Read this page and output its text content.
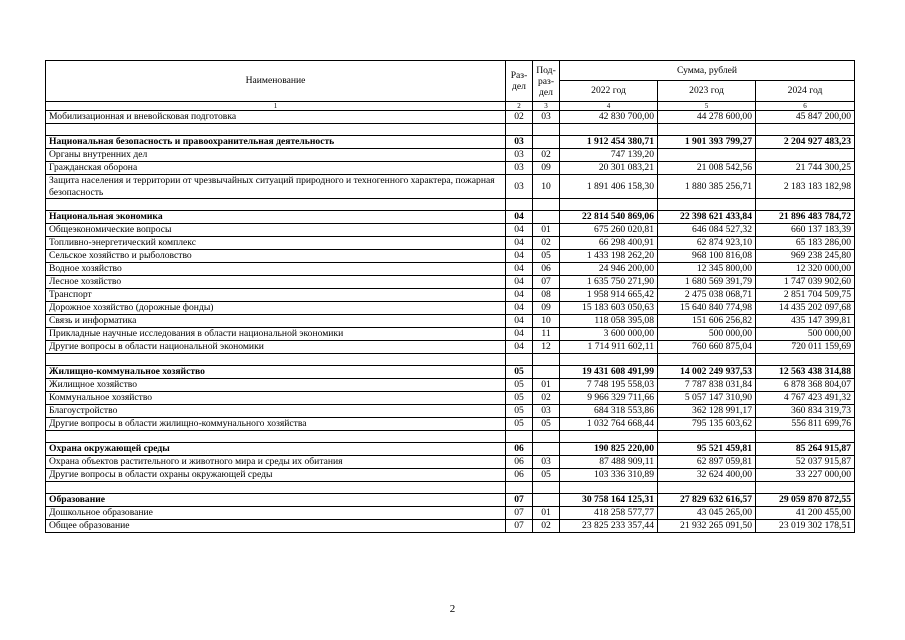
Наименование	Раз- дел	Под- раз- дел	Сумма, рублей		
			2022 год	2023 год	2024 год
1	2	3	4	5	6
Мобилизационная и вневойсковая подготовка	02	03	42 830 700,00	44 278 600,00	45 847 200,00

Национальная безопасность и правоохранительная деятельность	03		1 912 454 380,71	1 901 393 799,27	2 204 927 483,23
Органы внутренних дел	03	02	747 139,20		
Гражданская оборона	03	09	20 301 083,21	21 008 542,56	21 744 300,25
Защита населения и территории от чрезвычайных ситуаций природного и техногенного характера, пожарная безопасность	03	10	1 891 406 158,30	1 880 385 256,71	2 183 183 182,98

Национальная экономика	04		22 814 540 869,06	22 398 621 433,84	21 896 483 784,72
Общеэкономические вопросы	04	01	675 260 020,81	646 084 527,32	660 137 183,39
Топливно-энергетический комплекс	04	02	66 298 400,91	62 874 923,10	65 183 286,00
Сельское хозяйство и рыболовство	04	05	1 433 198 262,20	968 100 816,08	969 238 245,80
Водное хозяйство	04	06	24 946 200,00	12 345 800,00	12 320 000,00
Лесное хозяйство	04	07	1 635 750 271,90	1 680 569 391,79	1 747 039 902,60
Транспорт	04	08	1 958 914 665,42	2 475 038 068,71	2 851 704 509,75
Дорожное хозяйство (дорожные фонды)	04	09	15 183 603 050,63	15 640 840 774,98	14 435 202 097,68
Связь и информатика	04	10	118 058 395,08	151 606 256,82	435 147 399,81
Прикладные научные исследования в области национальной экономики	04	11	3 600 000,00	500 000,00	500 000,00
Другие вопросы в области национальной экономики	04	12	1 714 911 602,11	760 660 875,04	720 011 159,69

Жилищно-коммунальное хозяйство	05		19 431 608 491,99	14 002 249 937,53	12 563 438 314,88
Жилищное хозяйство	05	01	7 748 195 558,03	7 787 838 031,84	6 878 368 804,07
Коммунальное хозяйство	05	02	9 966 329 711,66	5 057 147 310,90	4 767 423 491,32
Благоустройство	05	03	684 318 553,86	362 128 991,17	360 834 319,73
Другие вопросы в области жилищно-коммунального хозяйства	05	05	1 032 764 668,44	795 135 603,62	556 811 699,76

Охрана окружающей среды	06		190 825 220,00	95 521 459,81	85 264 915,87
Охрана объектов растительного и животного мира и среды их обитания	06	03	87 488 909,11	62 897 059,81	52 037 915,87
Другие вопросы в области охраны окружающей среды	06	05	103 336 310,89	32 624 400,00	33 227 000,00

Образование	07		30 758 164 125,31	27 829 632 616,57	29 059 870 872,55
Дошкольное образование	07	01	418 258 577,77	43 045 265,00	41 200 455,00
Общее образование	07	02	23 825 233 357,44	21 932 265 091,50	23 019 302 178,51
2
